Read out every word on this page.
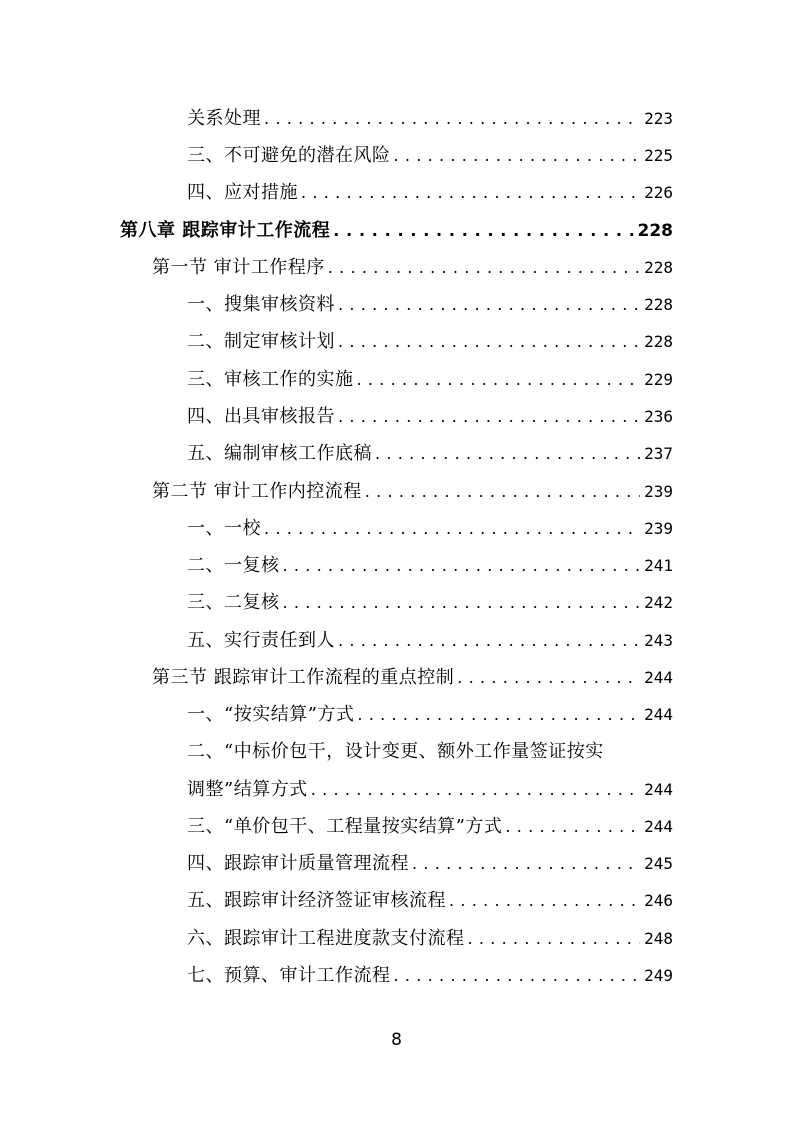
关系处理 . . .	223
三、不可避免的潜在风险 . . .	225
四、应对措施 . . .	226
第八章 跟踪审计工作流程 . . .	228
第一节 审计工作程序 . . .	228
一、搜集审核资料 . . .	228
二、制定审核计划 . . .	228
三、审核工作的实施 . . .	229
四、出具审核报告 . . .	236
五、编制审核工作底稿 . . .	237
第二节 审计工作内控流程 . . .	239
一、一校 . . .	239
二、一复核 . . .	241
三、二复核 . . .	242
五、实行责任到人 . . .	243
第三节 跟踪审计工作流程的重点控制 . . .	244
一、“按实结算”方式 . . .	244
二、“中标价包干，设计变更、额外工作量签证按实
调整”结算方式 . . .	244
三、“单价包干、工程量按实结算”方式 . . .	244
四、跟踪审计质量管理流程 . . .	245
五、跟踪审计经济签证审核流程 . . .	246
六、跟踪审计工程进度款支付流程 . . .	248
七、预算、审计工作流程 . . .	249
8
